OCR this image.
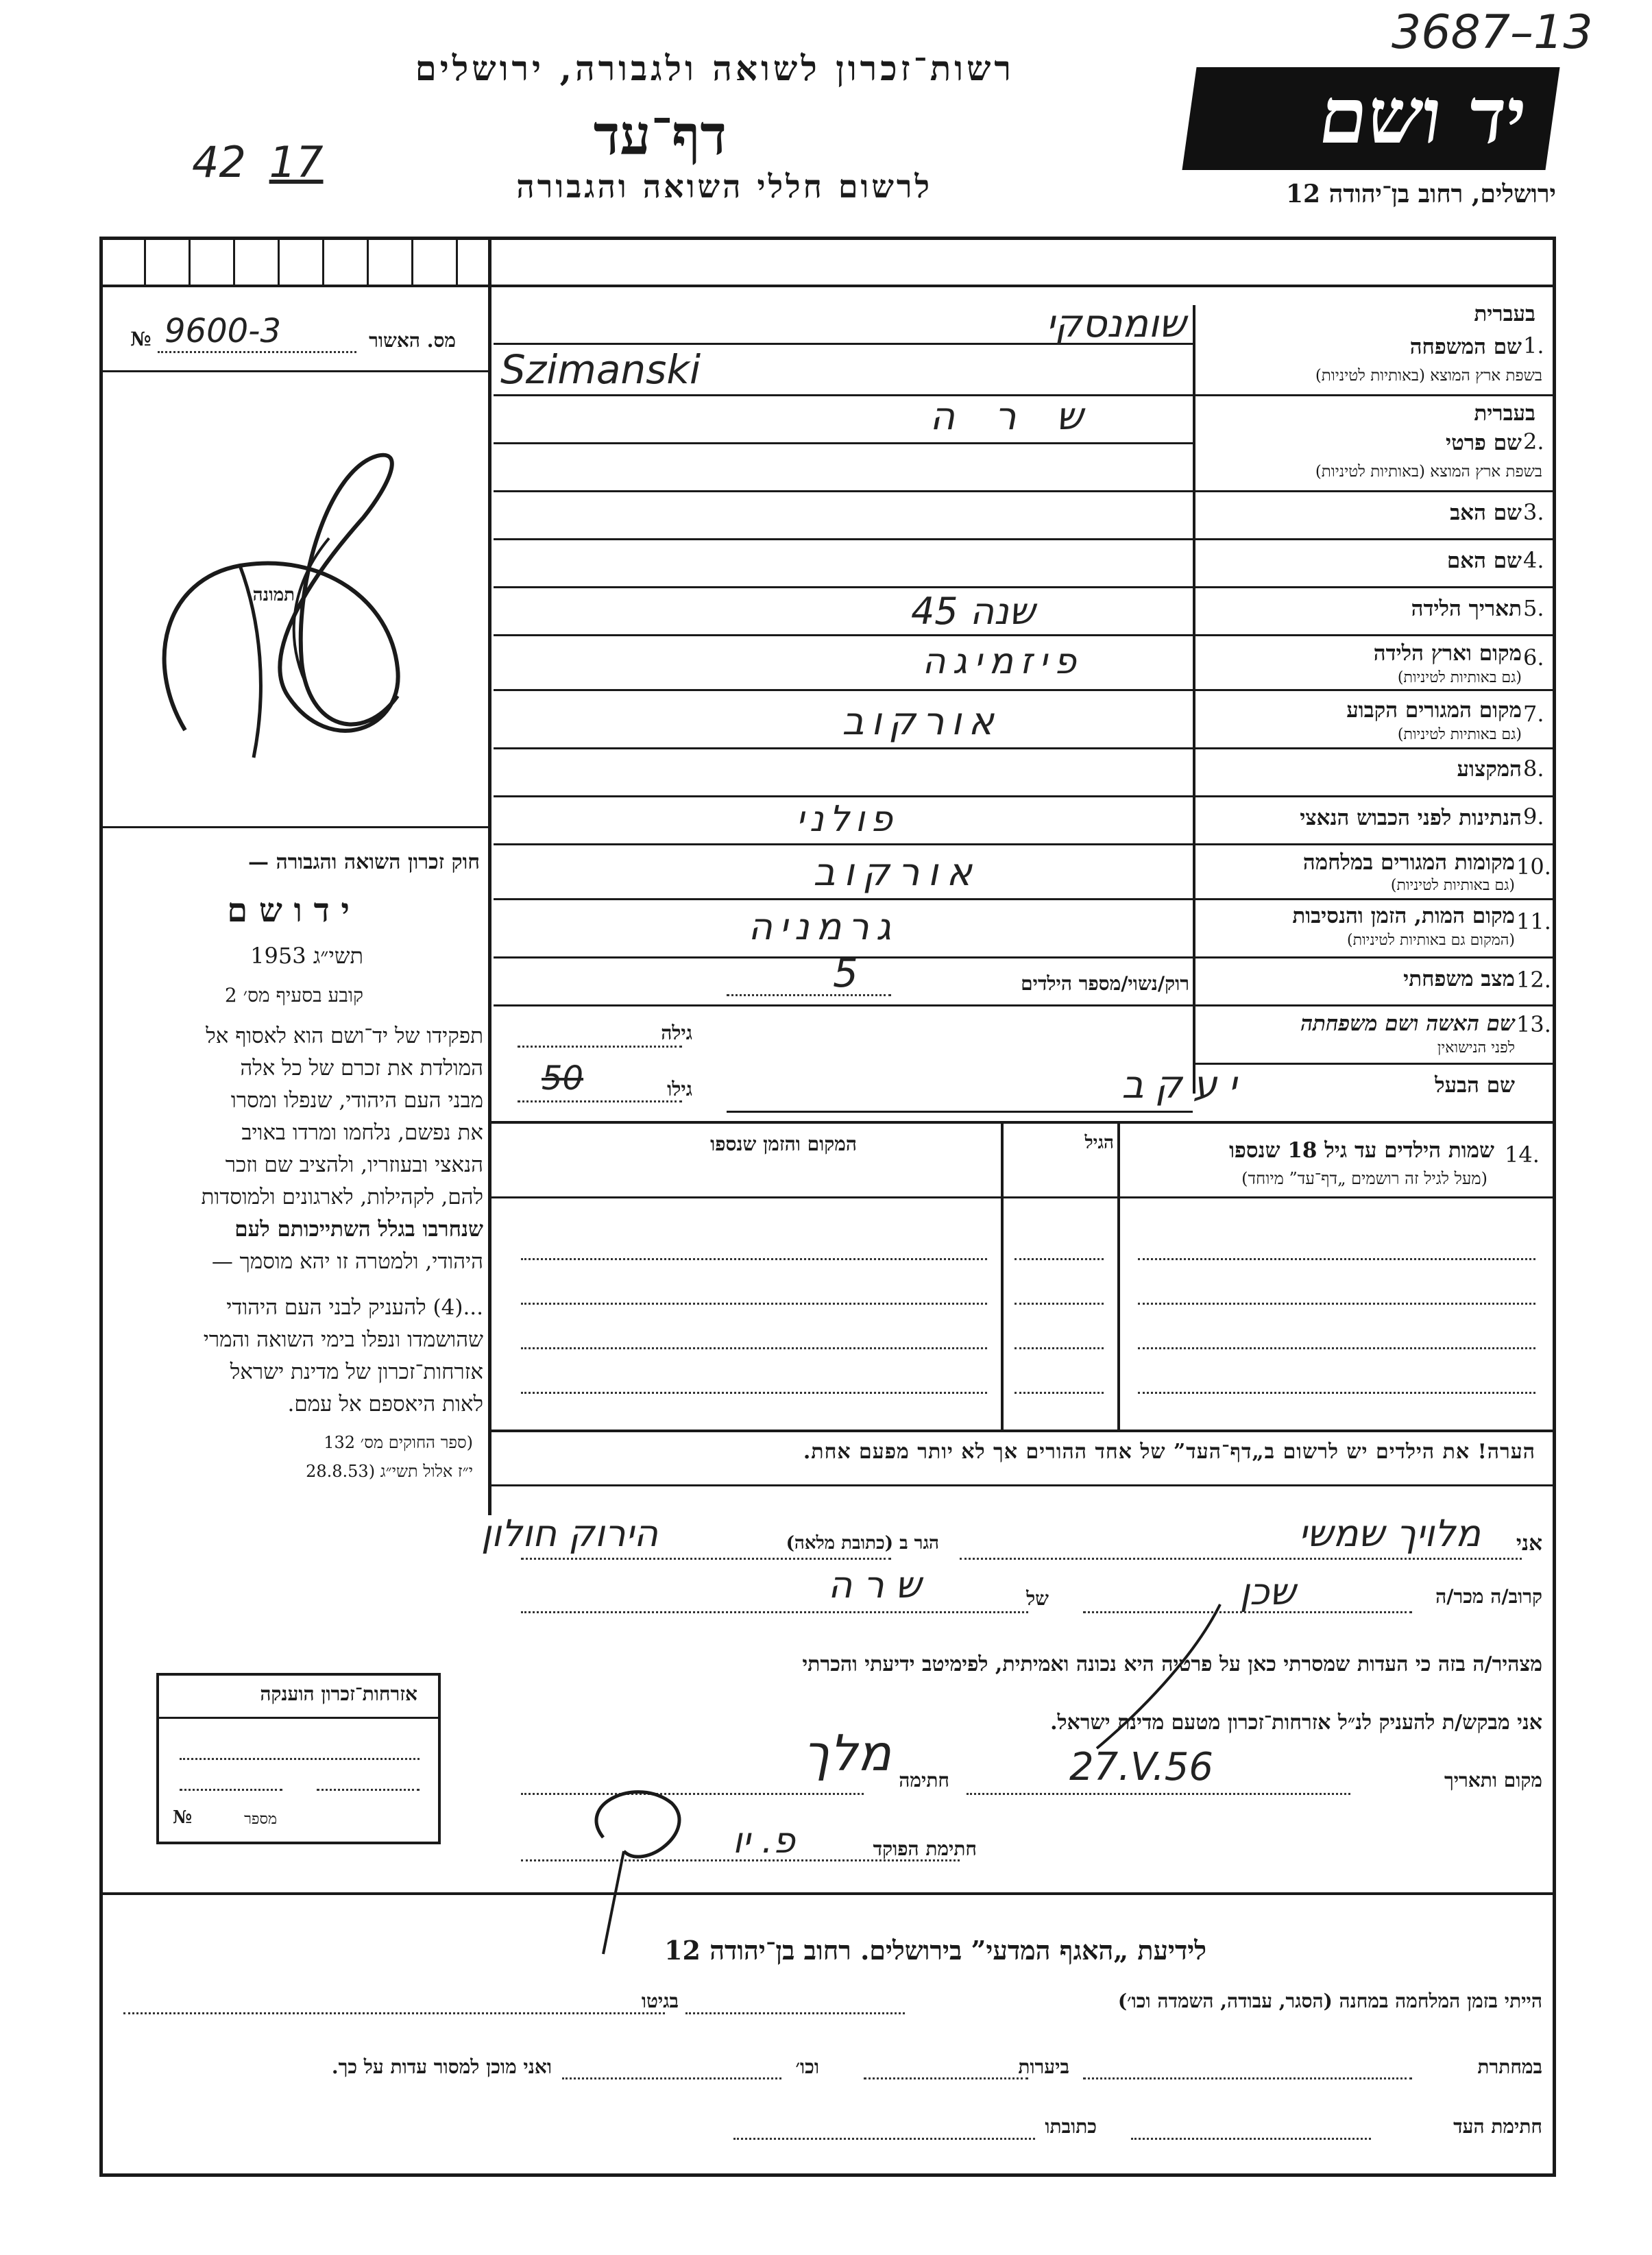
3687–13
רשות־זכרון לשואה ולגבורה, ירושלים
יד ושם
דף־עד
42 17	לרשום חללי השואה והגבורה	ירושלים, רחוב בן־יהודה 12
מס. האשור
9600-3
№
תמונה
חוק זכרון השואה והגבורה —
י ד ו ש ם
תשי״ג 1953
קובע בסעיף מס׳ 2
תפקידו של יד־ושם הוא לאסוף אל
המולדת את זכרם של כל אלה
מבני העם היהודי, שנפלו ומסרו
את נפשם, נלחמו ומרדו באויב
הנאצי ובעוזריו, ולהציב שם וזכר
להם, לקהילות, לארגונים ולמוסדות
שנחרבו בגלל השתייכותם לעם
היהודי, ולמטרה זו יהא מוסמך —
...(4) להעניק לבני העם היהודי
שהושמדו ונפלו בימי השואה והמרי
אזרחות־זכרון של מדינת ישראל
לאות היאספם אל עמם.
(ספר החוקים מס׳ 132
י״ז אלול תשי״ג (28.8.53
אזרחות־זכרון הוענקה
מספר
№
1.
בעברית
שם המשפחה
בשפת ארץ המוצא (באותיות לטיניות)
שומנסקי
Szimanski
2.
בעברית
שם פרטי
בשפת ארץ המוצא (באותיות לטיניות)
ש ר ה
3.
שם האב
4.
שם האם
5.
תאריך הלידה
שנה 45
6.
מקום וארץ הלידה
(גם באותיות לטיניות)
פיזמיגה
7.
מקום המגורים הקבוע
(גם באותיות לטיניות)
אורקוב
8.
המקצוע
9.
הנתינות לפני הכבוש הנאצי
פולני
10.
מקומות המגורים במלחמה
(גם באותיות לטיניות)
אורקוב
11.
מקום המות, הזמן והנסיבות
(המקום גם באותיות לטיניות)
גרמניה
12.
מצב משפחתי
רוק/נשוי/מספר הילדים
5
13.
שם האשה ושם משפחתה
לפני הנישואין
גילה
שם הבעל
יעקב
גילו
50
14.
שמות הילדים עד גיל 18 שנספו
(מעל לגיל זה רושמים „דף־עד” מיוחד)
הגיל
המקום והזמן שנספו
הערה! את הילדים יש לרשום ב„דף־העד” של אחד ההורים אך לא יותר מפעם אחת.
אני
מלויך שמשי
הגר ב (כתובת מלאה)
הירוק חולון
קרוב/ה מכר/ה
שכן
של
שרה
מצהיר/ה בזה כי העדות שמסרתי כאן על פרטיה היא נכונה ואמיתית, לפימיטב ידיעתי והכרתי
אני מבקש/ת להעניק לנ״ל אזרחות־זכרון מטעם מדינת ישראל.
מקום ותאריך
27.V.56
חתימה
מלך
חתימת הפוקד
פ. יו
לידיעת „האגף המדעי” בירושלים. רחוב בן־יהודה 12
הייתי בזמן המלחמה במחנה (הסגר, עבודה, השמדה וכו׳)
בגיטו
במחתרת
ביערות
וכו׳
ואני מוכן למסור עדות על כך.
חתימת העד
כתובתו
